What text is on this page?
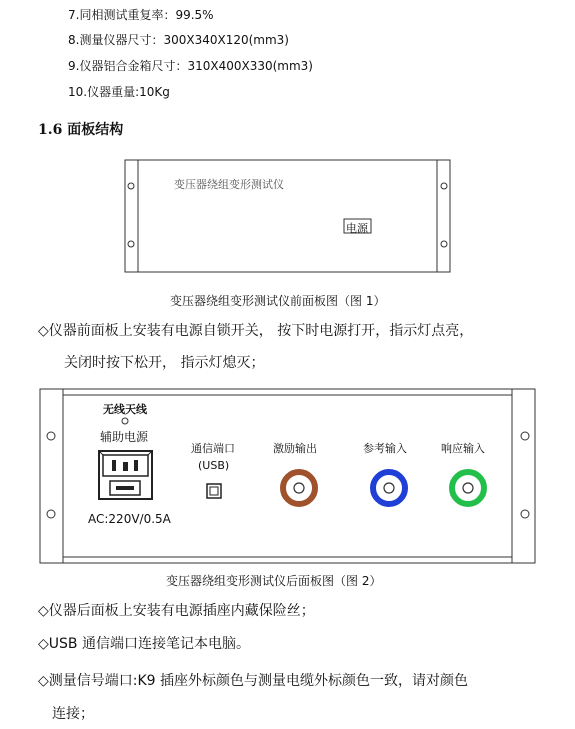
7.同相测试重复率：99.5%
8.测量仪器尺寸：300X340X120(mm3)
9.仪器铝合金箱尺寸：310X400X330(mm3)
10.仪器重量:10Kg
1.6 面板结构
变压器绕组变形测试仪
电源
变压器绕组变形测试仪前面板图（图 1）
◇仪器前面板上安装有电源自锁开关， 按下时电源打开，指示灯点亮，
关闭时按下松开， 指示灯熄灭；
无线天线
辅助电源
AC:220V/0.5A
通信端口
(USB)
激励输出	参考输入	响应输入
变压器绕组变形测试仪后面板图（图 2）
◇仪器后面板上安装有电源插座内藏保险丝；
◇USB 通信端口连接笔记本电脑。
◇测量信号端口:K9 插座外标颜色与测量电缆外标颜色一致，请对颜色
连接；
